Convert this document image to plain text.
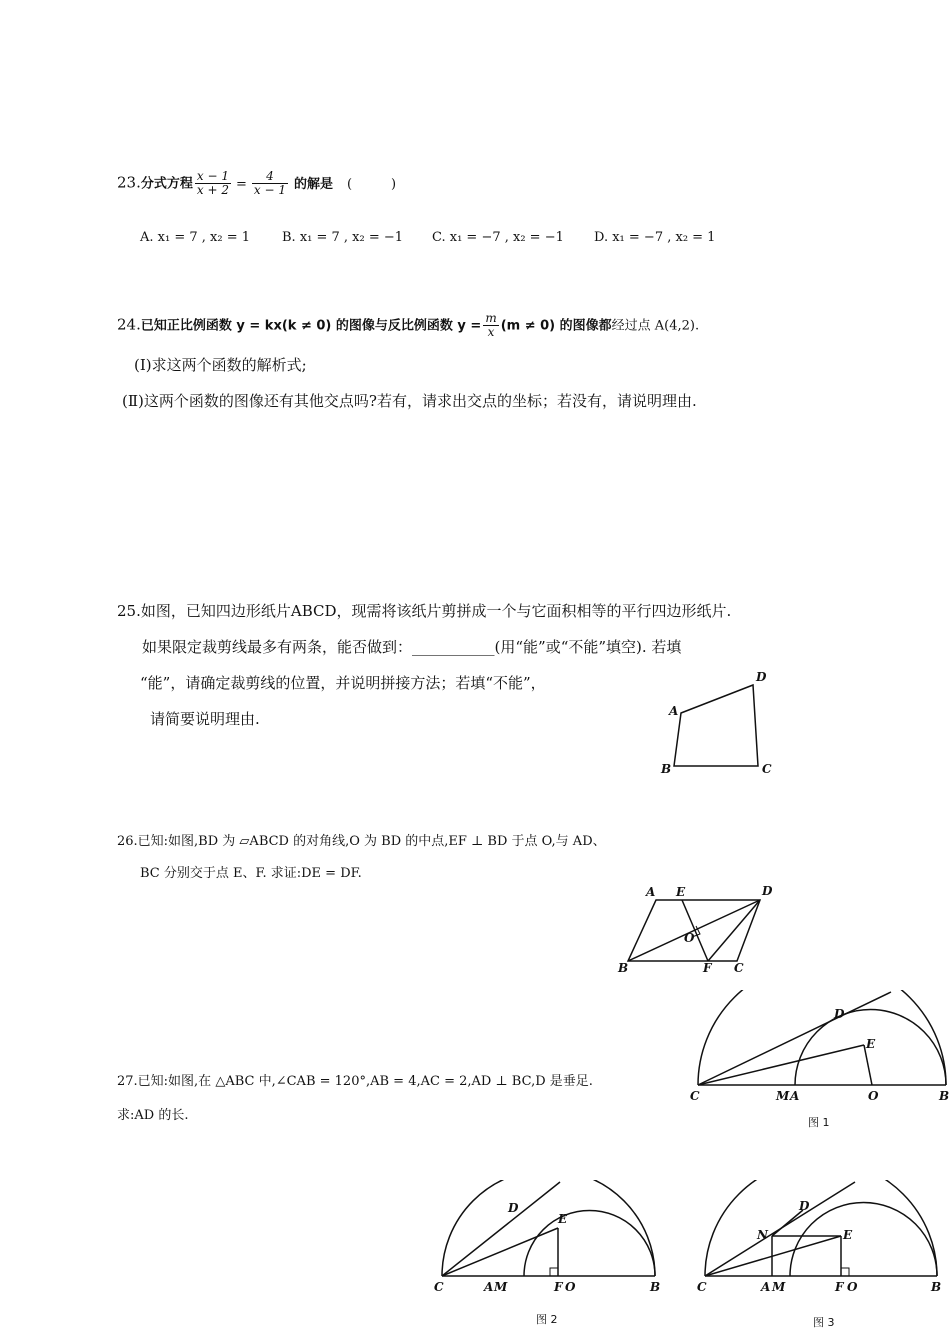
23.分式方程 $\frac{x - 1}{x + 2} = \frac{4}{x - 1}$ 的解是 (　　　)
A. x₁ = 7 , x₂ = 1 B. x₁ = 7 , x₂ = −1 C. x₁ = −7 , x₂ = −1 D. x₁ = −7 , x₂ = 1
24.已知正比例函数 y = kx(k ≠ 0) 的图像与反比例函数 $y = \frac{m}{x} (m \ne 0)$ 的图像都经过点 A(4,2).
(I)求这两个函数的解析式;
(Ⅱ)这两个函数的图像还有其他交点吗?若有，请求出交点的坐标；若没有，请说明理由.
25.如图，已知四边形纸片ABCD，现需将该纸片剪拼成一个与它面积相等的平行四边形纸片.
如果限定裁剪线最多有两条，能否做到：___________(用“能”或“不能”填空). 若填
“能”，请确定裁剪线的位置，并说明拼接方法；若填“不能”，
请简要说明理由.
D
A
B	C
26.已知:如图,BD 为 ▱ABCD 的对角线,O 为 BD 的中点,EF ⊥ BD 于点 O,与 AD、
BC 分别交于点 E、F. 求证:DE = DF.
A E	D
O
B	F C
27.已知:如图,在 △ABC 中,∠CAB = 120°,AB = 4,AC = 2,AD ⊥ BC,D 是垂足.
求:AD 的长.
D
E
C	M A	O	B
图 1
D
E
C	A M	F O	B
图 2
D
N	E
C	A M	F O	B
图 3
